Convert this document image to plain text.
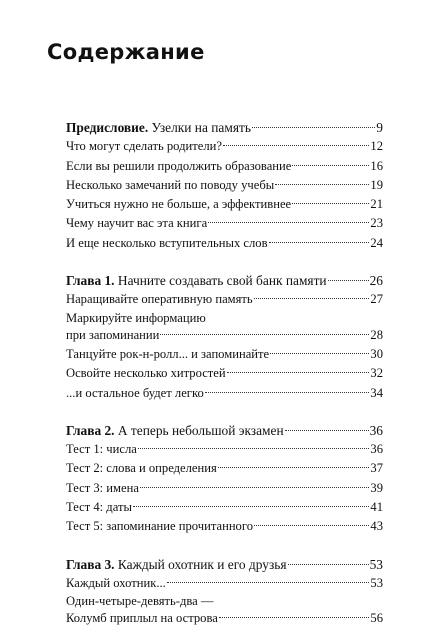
Содержание
Предисловие. Узелки на память	9
Что могут сделать родители?	12
Если вы решили продолжить образование	16
Несколько замечаний по поводу учебы	19
Учиться нужно не больше, а эффективнее	21
Чему научит вас эта книга	23
И еще несколько вступительных слов	24
Глава 1. Начните создавать свой банк памяти	26
Наращивайте оперативную память	27
Маркируйте информацию
при запоминании	28
Танцуйте рок-н-ролл... и запоминайте	30
Освойте несколько хитростей	32
...и остальное будет легко	34
Глава 2. А теперь небольшой экзамен	36
Тест 1: числа	36
Тест 2: слова и определения	37
Тест 3: имена	39
Тест 4: даты	41
Тест 5: запоминание прочитанного	43
Глава 3. Каждый охотник и его друзья	53
Каждый охотник...	53
Один-четыре-девять-два —
Колумб приплыл на острова	56
